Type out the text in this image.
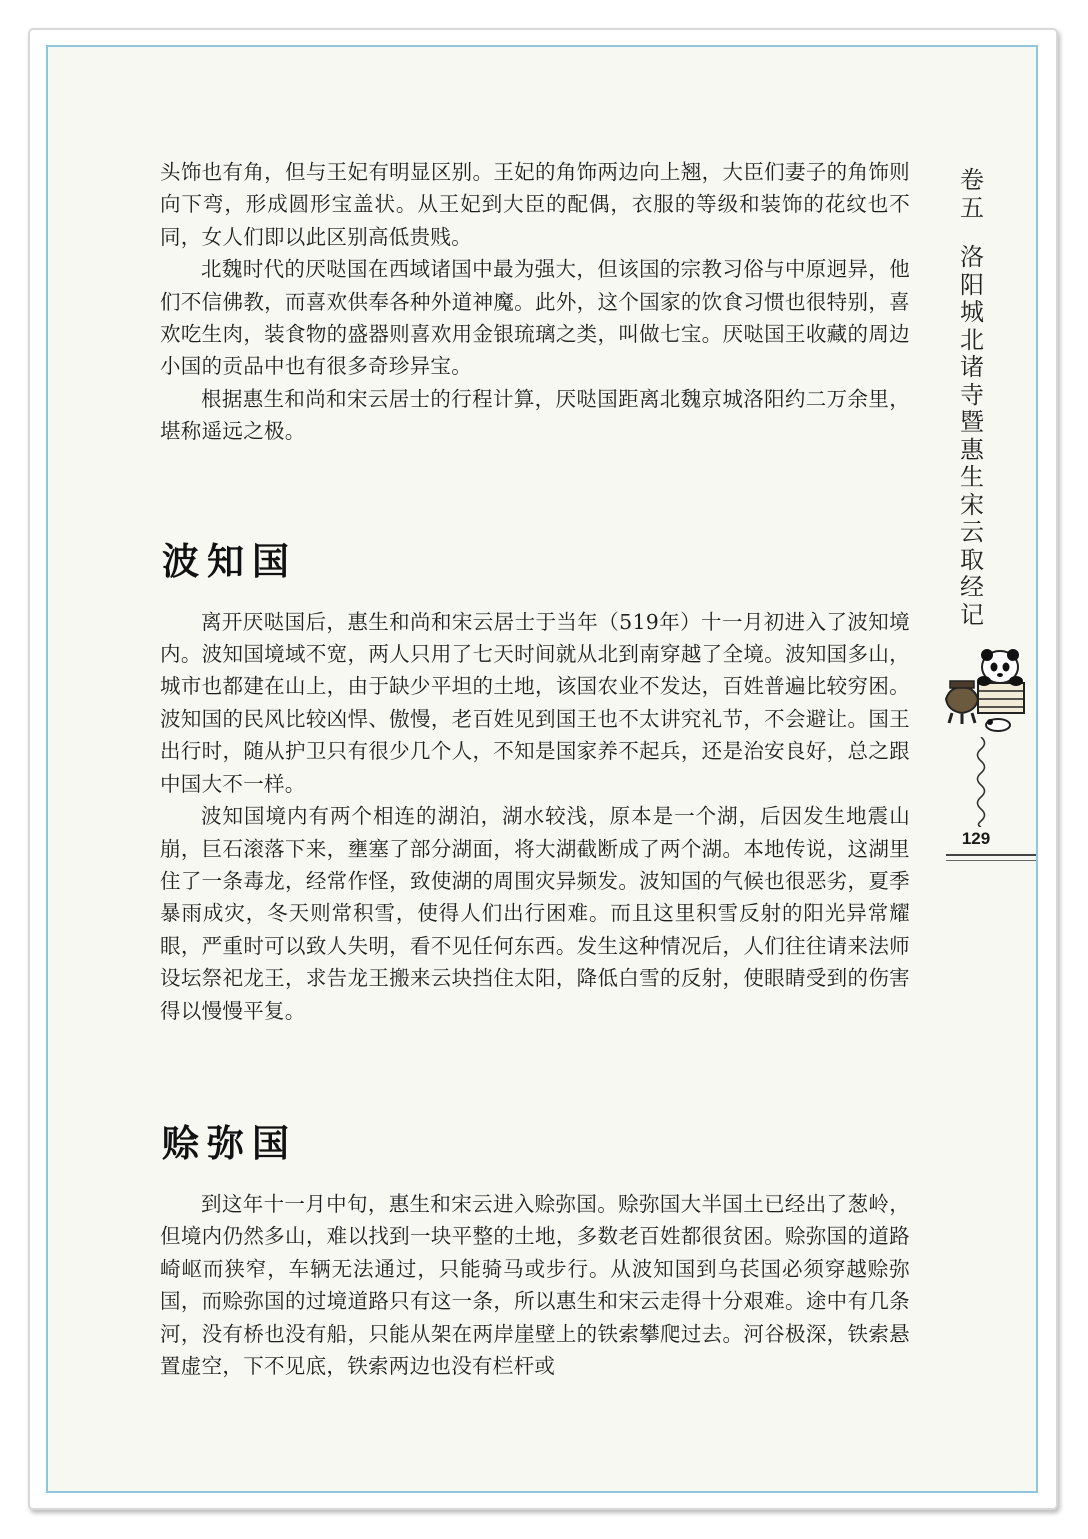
头饰也有角，但与王妃有明显区别。王妃的角饰两边向上翘，大臣们妻子的角饰则向下弯，形成圆形宝盖状。从王妃到大臣的配偶，衣服的等级和装饰的花纹也不同，女人们即以此区别高低贵贱。

北魏时代的厌哒国在西域诸国中最为强大，但该国的宗教习俗与中原迥异，他们不信佛教，而喜欢供奉各种外道神魔。此外，这个国家的饮食习惯也很特别，喜欢吃生肉，装食物的盛器则喜欢用金银琉璃之类，叫做七宝。厌哒国王收藏的周边小国的贡品中也有很多奇珍异宝。

根据惠生和尚和宋云居士的行程计算，厌哒国距离北魏京城洛阳约二万余里，堪称遥远之极。

波知国

离开厌哒国后，惠生和尚和宋云居士于当年（519年）十一月初进入了波知境内。波知国境域不宽，两人只用了七天时间就从北到南穿越了全境。波知国多山，城市也都建在山上，由于缺少平坦的土地，该国农业不发达，百姓普遍比较穷困。波知国的民风比较凶悍、傲慢，老百姓见到国王也不太讲究礼节，不会避让。国王出行时，随从护卫只有很少几个人，不知是国家养不起兵，还是治安良好，总之跟中国大不一样。

波知国境内有两个相连的湖泊，湖水较浅，原本是一个湖，后因发生地震山崩，巨石滚落下来，壅塞了部分湖面，将大湖截断成了两个湖。本地传说，这湖里住了一条毒龙，经常作怪，致使湖的周围灾异频发。波知国的气候也很恶劣，夏季暴雨成灾，冬天则常积雪，使得人们出行困难。而且这里积雪反射的阳光异常耀眼，严重时可以致人失明，看不见任何东西。发生这种情况后，人们往往请来法师设坛祭祀龙王，求告龙王搬来云块挡住太阳，降低白雪的反射，使眼睛受到的伤害得以慢慢平复。

赊弥国

到这年十一月中旬，惠生和宋云进入赊弥国。赊弥国大半国土已经出了葱岭，但境内仍然多山，难以找到一块平整的土地，多数老百姓都很贫困。赊弥国的道路崎岖而狭窄，车辆无法通过，只能骑马或步行。从波知国到乌苌国必须穿越赊弥国，而赊弥国的过境道路只有这一条，所以惠生和宋云走得十分艰难。途中有几条河，没有桥也没有船，只能从架在两岸崖壁上的铁索攀爬过去。河谷极深，铁索悬置虚空，下不见底，铁索两边也没有栏杆或

卷
五
洛
阳
城
北
诸
寺
暨
惠
生
宋
云
取
经
记
129
